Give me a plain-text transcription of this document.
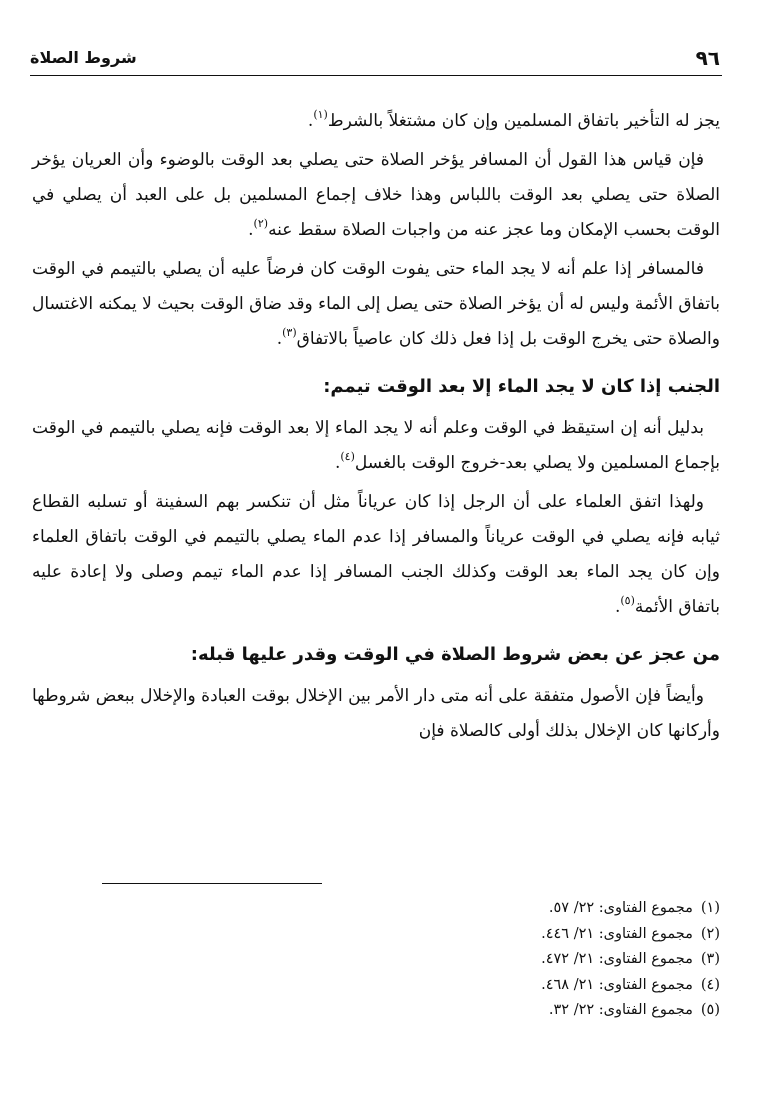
٩٦
شروط الصلاة

يجز له التأخير باتفاق المسلمين وإن كان مشتغلاً بالشرط$^{(١)}$.

فإن قياس هذا القول أن المسافر يؤخر الصلاة حتى يصلي بعد الوقت بالوضوء وأن العريان يؤخر الصلاة حتى يصلي بعد الوقت باللباس وهذا خلاف إجماع المسلمين بل على العبد أن يصلي في الوقت بحسب الإمكان وما عجز عنه من واجبات الصلاة سقط عنه$^{(٢)}$.

فالمسافر إذا علم أنه لا يجد الماء حتى يفوت الوقت كان فرضاً عليه أن يصلي بالتيمم في الوقت باتفاق الأئمة وليس له أن يؤخر الصلاة حتى يصل إلى الماء وقد ضاق الوقت بحيث لا يمكنه الاغتسال والصلاة حتى يخرج الوقت بل إذا فعل ذلك كان عاصياً بالاتفاق$^{(٣)}$.

الجنب إذا كان لا يجد الماء إلا بعد الوقت تيمم:

بدليل أنه إن استيقظ في الوقت وعلم أنه لا يجد الماء إلا بعد الوقت فإنه يصلي بالتيمم في الوقت بإجماع المسلمين ولا يصلي بعد-خروج الوقت بالغسل$^{(٤)}$.

ولهذا اتفق العلماء على أن الرجل إذا كان عرياناً مثل أن تنكسر بهم السفينة أو تسلبه القطاع ثيابه فإنه يصلي في الوقت عرياناً والمسافر إذا عدم الماء يصلي بالتيمم في الوقت باتفاق العلماء وإن كان يجد الماء بعد الوقت وكذلك الجنب المسافر إذا عدم الماء تيمم وصلى ولا إعادة عليه باتفاق الأئمة$^{(٥)}$.

من عجز عن بعض شروط الصلاة في الوقت وقدر عليها قبله:

وأيضاً فإن الأصول متفقة على أنه متى دار الأمر بين الإخلال بوقت العبادة والإخلال ببعض شروطها وأركانها كان الإخلال بذلك أولى كالصلاة فإن

(١)مجموع الفتاوى: ٢٢/ ٥٧.
(٢)مجموع الفتاوى: ٢١/ ٤٤٦.
(٣)مجموع الفتاوى: ٢١/ ٤٧٢.
(٤)مجموع الفتاوى: ٢١/ ٤٦٨.
(٥)مجموع الفتاوى: ٢٢/ ٣٢.
